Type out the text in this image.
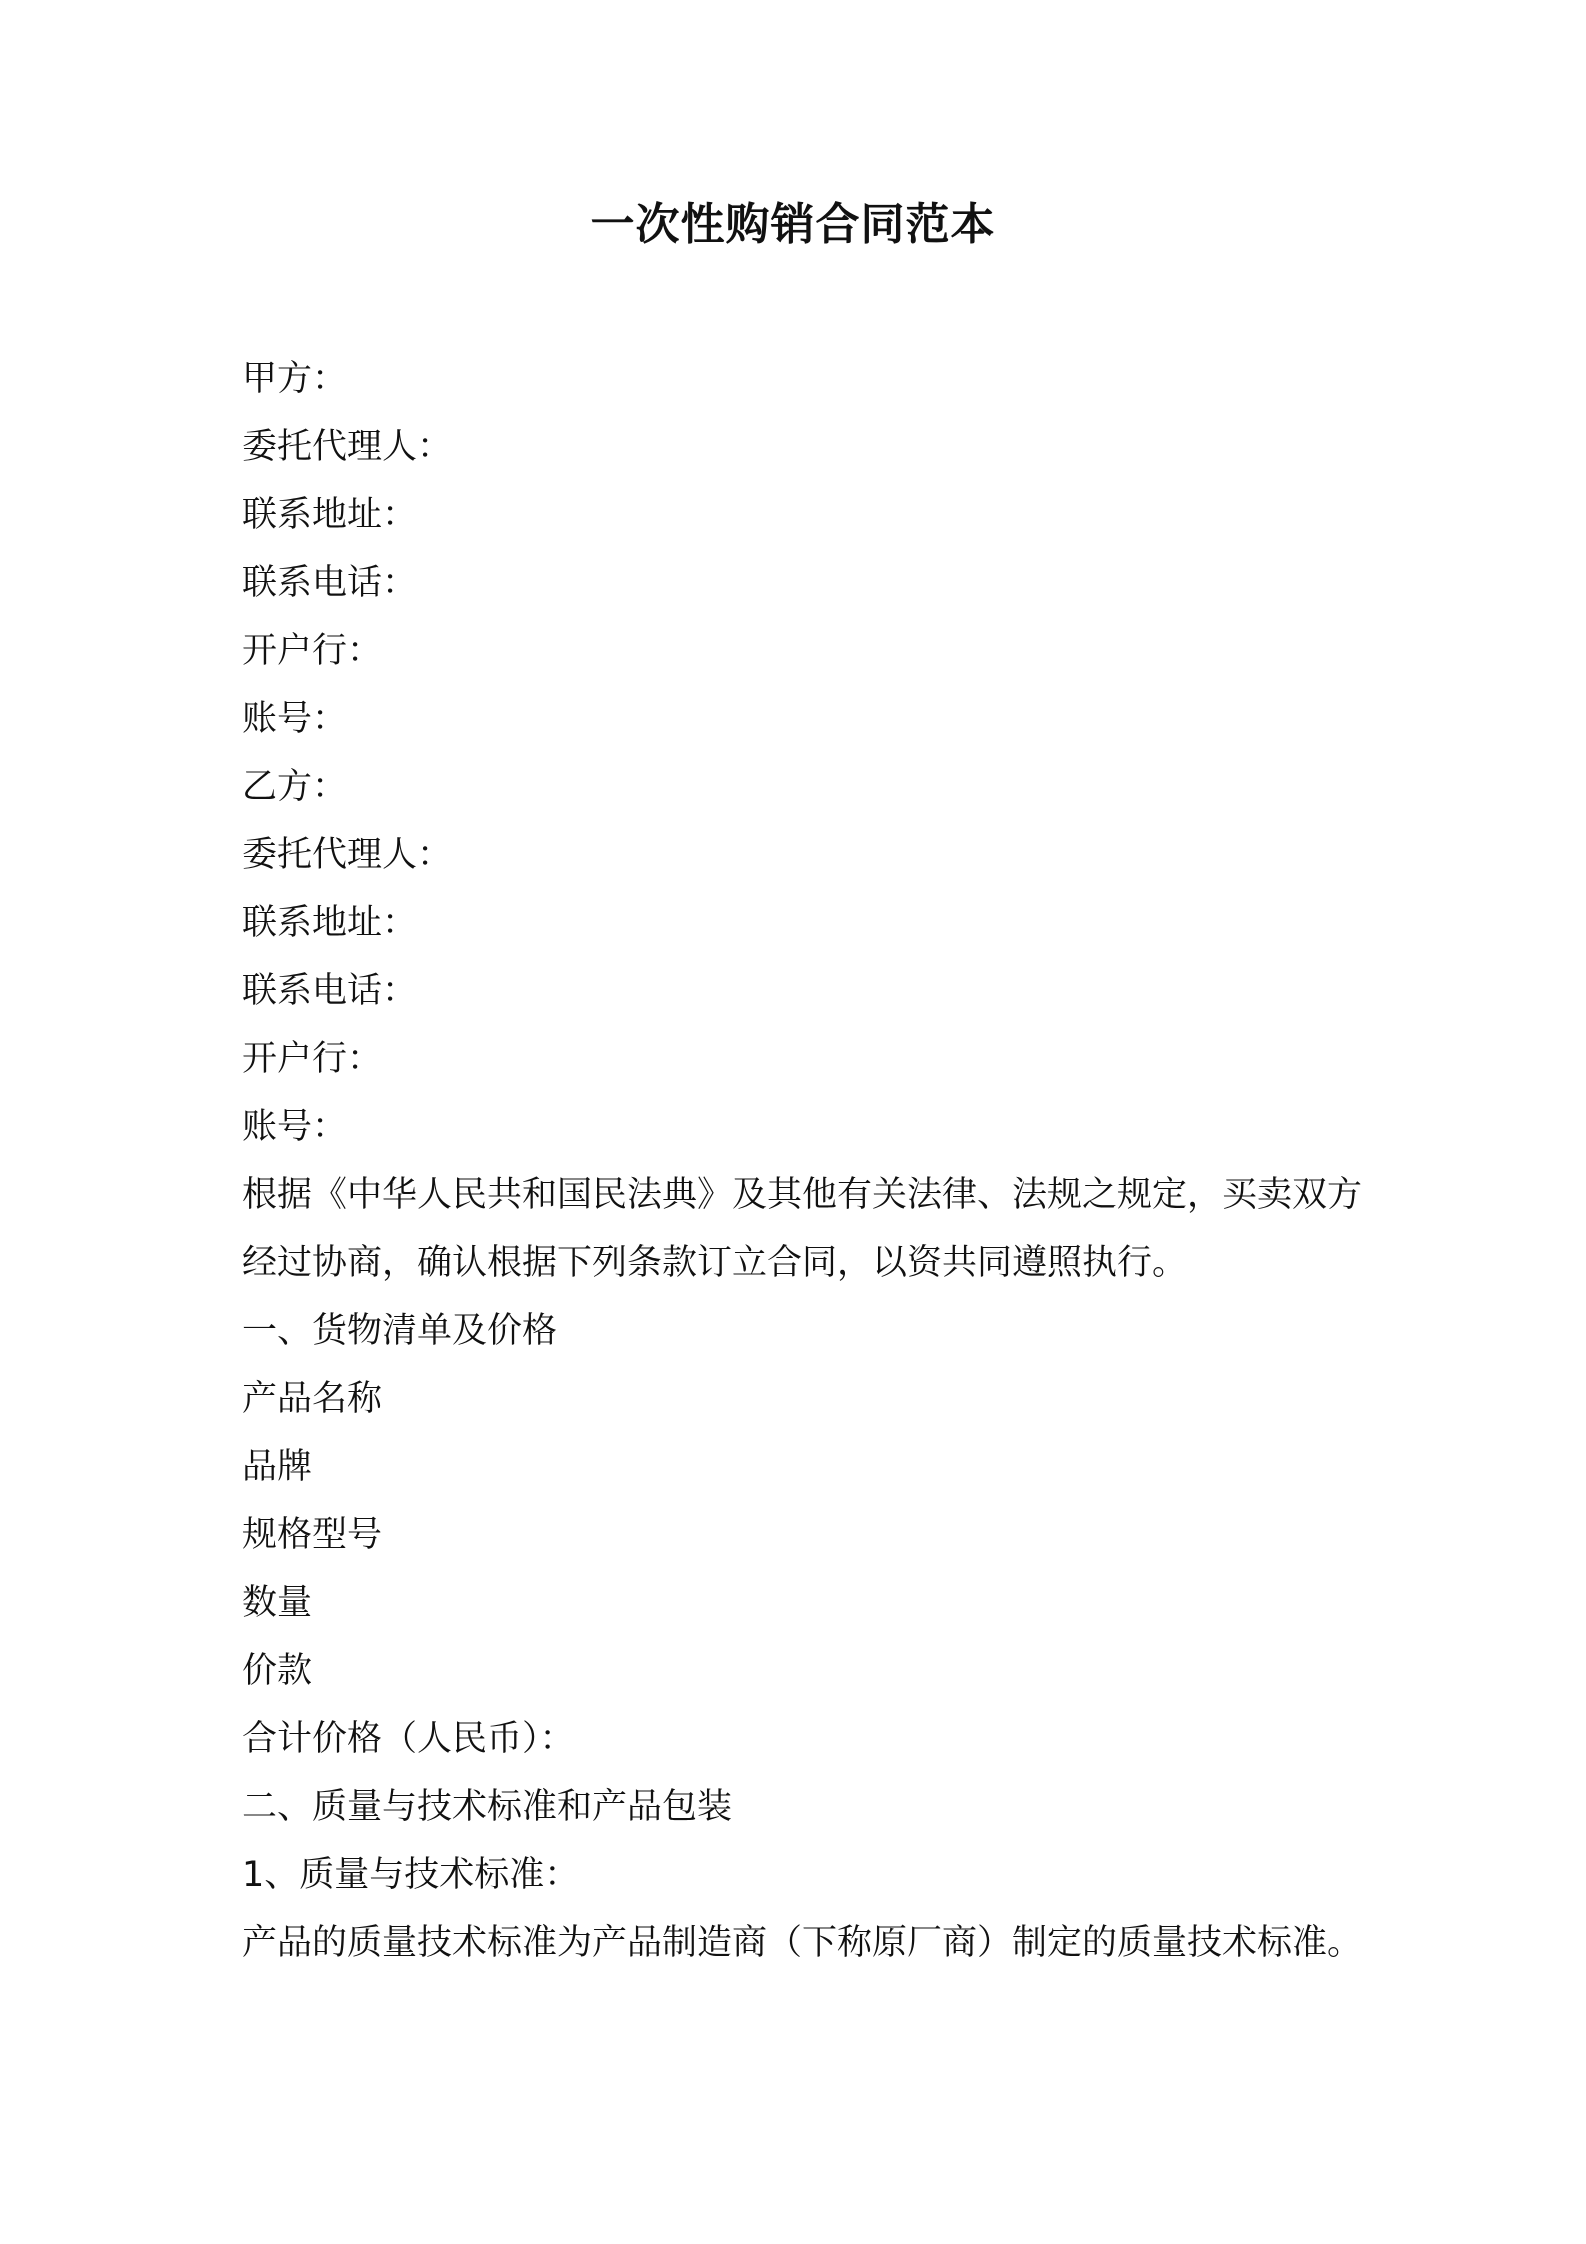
一次性购销合同范本

甲方：

委托代理人：

联系地址：

联系电话：

开户行：

账号：

乙方：

委托代理人：

联系地址：

联系电话：

开户行：

账号：

根据《中华人民共和国民法典》及其他有关法律、法规之规定，买卖双方经过协商，确认根据下列条款订立合同，以资共同遵照执行。

一、货物清单及价格

产品名称

品牌

规格型号

数量

价款

合计价格（人民币）：

二、质量与技术标准和产品包装

1、质量与技术标准：

产品的质量技术标准为产品制造商（下称原厂商）制定的质量技术标准。
